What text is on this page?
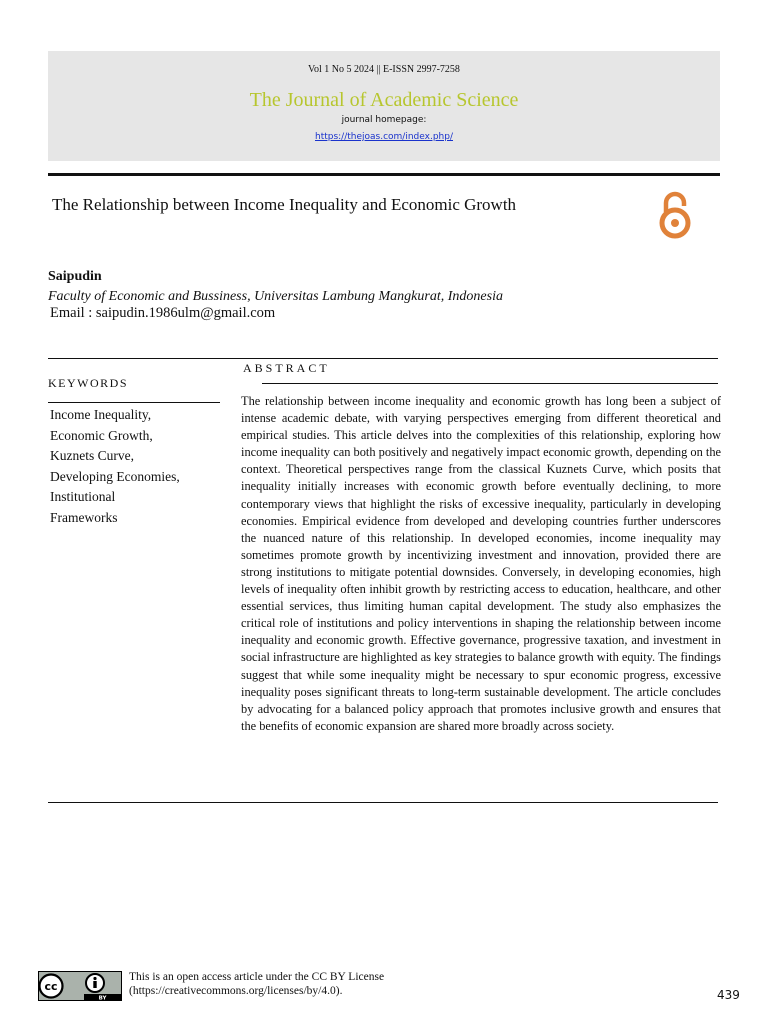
Vol 1 No 5 2024 || E-ISSN 2997-7258
The Journal of Academic Science
journal homepage:
https://thejoas.com/index.php/
The Relationship between Income Inequality and Economic Growth
Saipudin
Faculty of Economic and Bussiness, Universitas Lambung Mangkurat, Indonesia
Email : saipudin.1986ulm@gmail.com
KEYWORDS
Income Inequality,
Economic Growth,
Kuznets Curve,
Developing Economies,
Institutional
Frameworks
ABSTRACT

The relationship between income inequality and economic growth has long been a subject of intense academic debate, with varying perspectives emerging from different theoretical and empirical studies. This article delves into the complexities of this relationship, exploring how income inequality can both positively and negatively impact economic growth, depending on the context. Theoretical perspectives range from the classical Kuznets Curve, which posits that inequality initially increases with economic growth before eventually declining, to more contemporary views that highlight the risks of excessive inequality, particularly in developing economies. Empirical evidence from developed and developing countries further underscores the nuanced nature of this relationship. In developed economies, income inequality may sometimes promote growth by incentivizing investment and innovation, provided there are strong institutions to mitigate potential downsides. Conversely, in developing economies, high levels of inequality often inhibit growth by restricting access to education, healthcare, and other essential services, thus limiting human capital development. The study also emphasizes the critical role of institutions and policy interventions in shaping the relationship between income inequality and economic growth. Effective governance, progressive taxation, and investment in social infrastructure are highlighted as key strategies to balance growth with equity. The findings suggest that while some inequality might be necessary to spur economic progress, excessive inequality poses significant threats to long-term sustainable development. The article concludes by advocating for a balanced policy approach that promotes inclusive growth and ensures that the benefits of economic expansion are shared more broadly across society.

BY
cc
This is an open access article under the CC BY License
(https://creativecommons.org/licenses/by/4.0).	439
